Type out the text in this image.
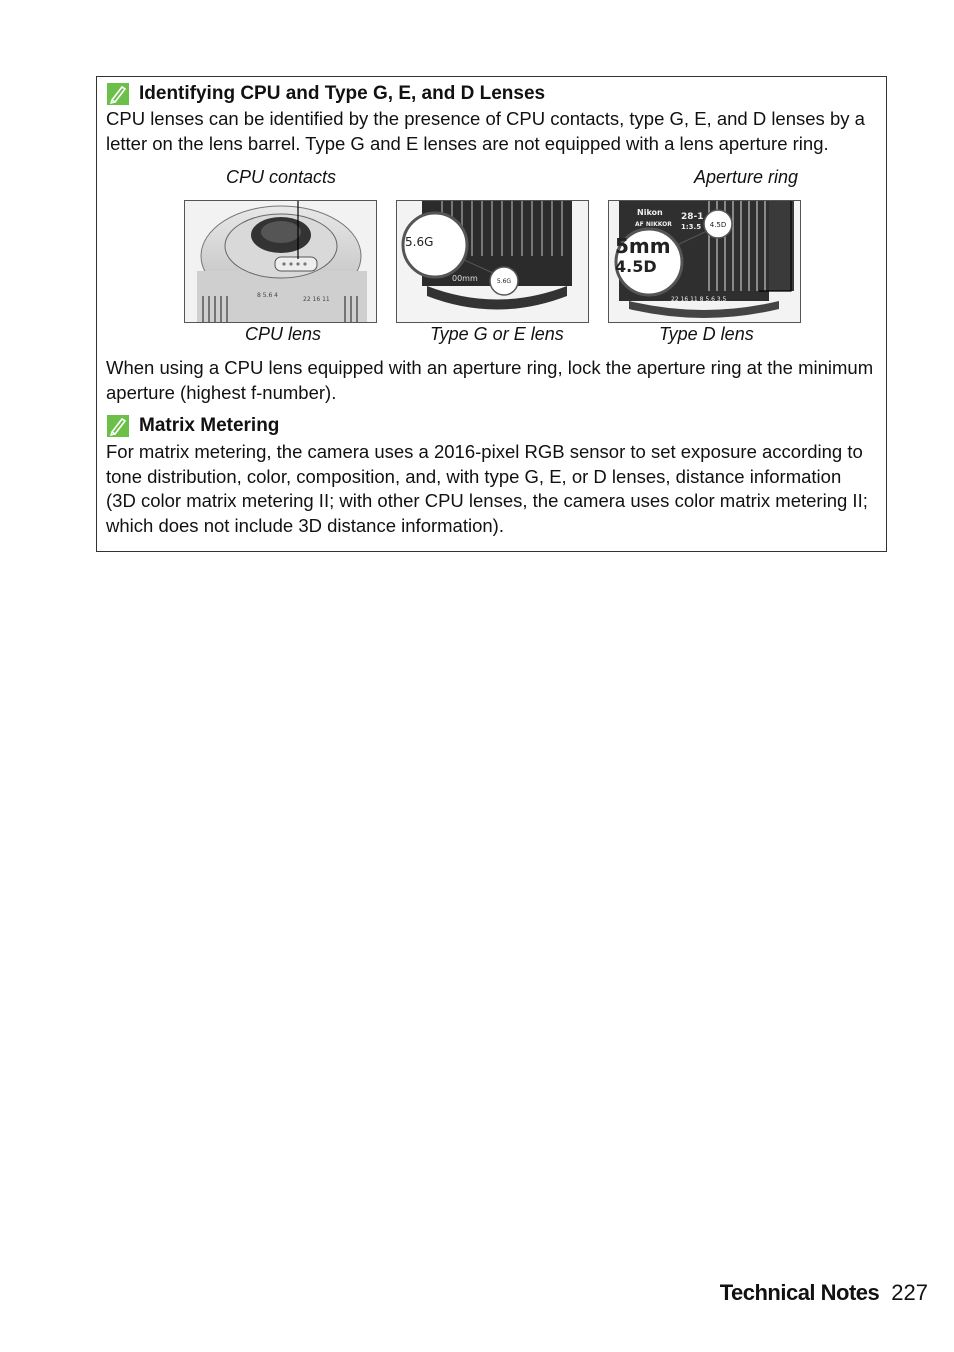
Identifying CPU and Type G, E, and D Lenses
CPU lenses can be identified by the presence of CPU contacts, type G, E, and D lenses by a letter on the lens barrel. Type G and E lenses are not equipped with a lens aperture ring.
CPU contacts	Aperture ring
8 5.6 4
22 16 11
00mm	5.6G
5.6G
Nikon
AF NIKKOR
28-1
1:3.5
22 16 11 8 5.6 3.5
4.5D
5mm
4.5D
CPU lens	Type G or E lens	Type D lens
When using a CPU lens equipped with an aperture ring, lock the aperture ring at the minimum aperture (highest f-number).
Matrix Metering
For matrix metering, the camera uses a 2016-pixel RGB sensor to set exposure according to tone distribution, color, composition, and, with type G, E, or D lenses, distance information (3D color matrix metering II; with other CPU lenses, the camera uses color matrix metering II; which does not include 3D distance information).
Technical Notes 227
